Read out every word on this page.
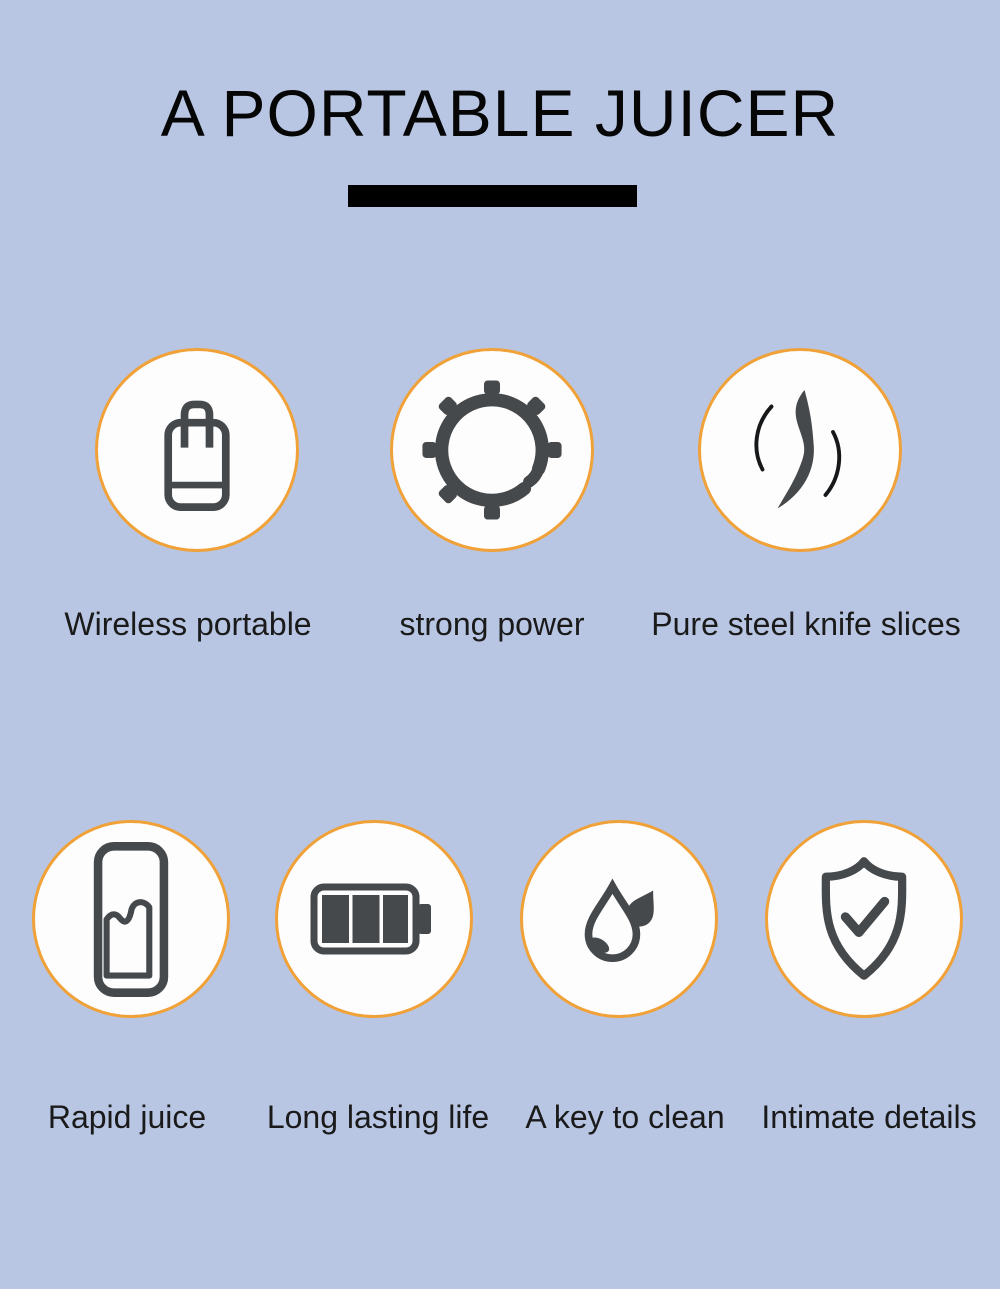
A PORTABLE JUICER
Wireless portable	strong power	Pure steel knife slices
Rapid juice	Long lasting life	A key to clean	Intimate details
